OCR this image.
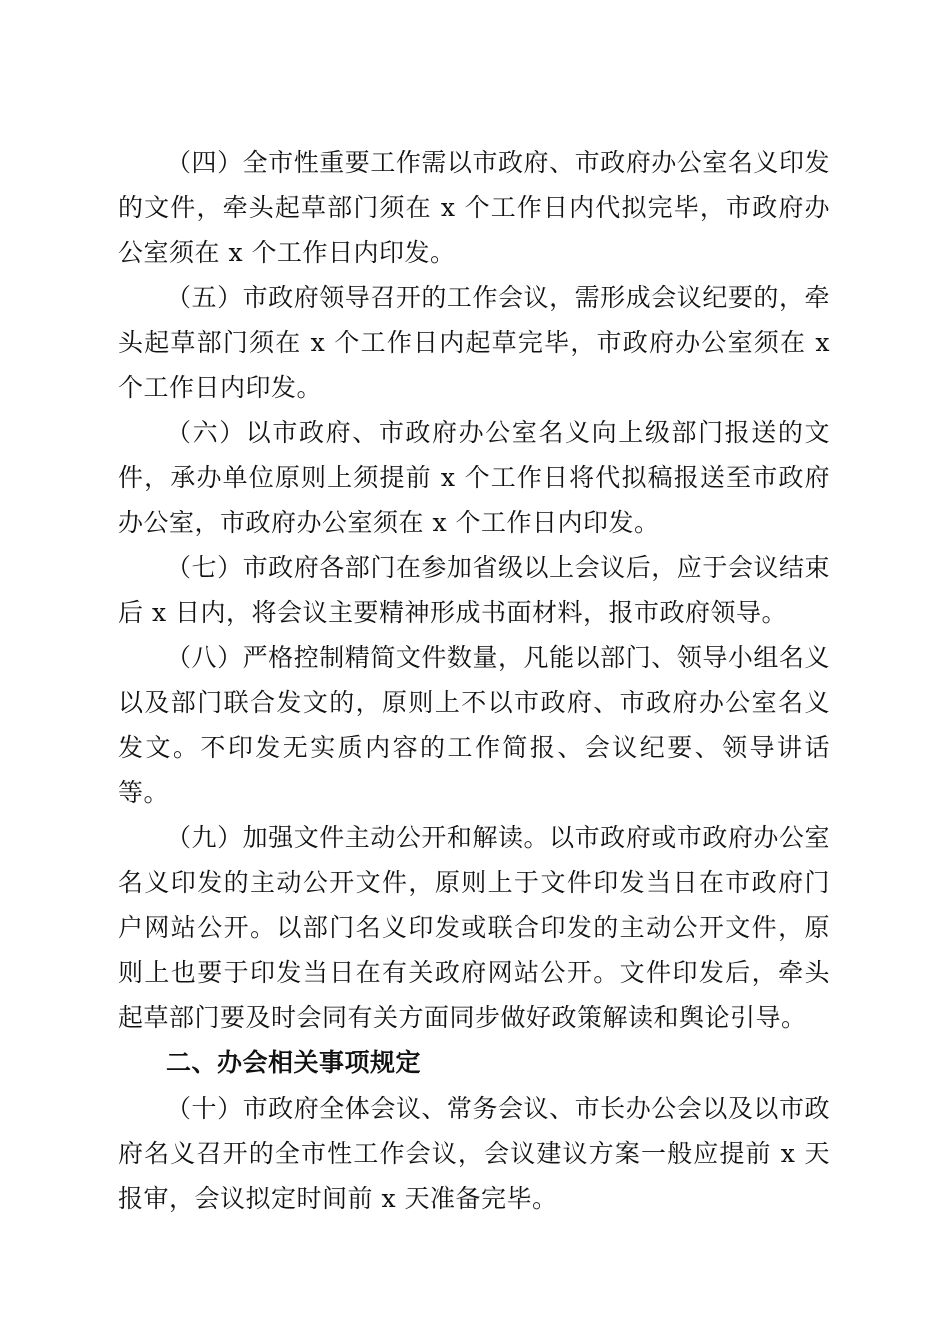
（四）全市性重要工作需以市政府、市政府办公室名义印发的文件，牵头起草部门须在 x 个工作日内代拟完毕，市政府办公室须在 x 个工作日内印发。

（五）市政府领导召开的工作会议，需形成会议纪要的，牵头起草部门须在 x 个工作日内起草完毕，市政府办公室须在 x 个工作日内印发。

（六）以市政府、市政府办公室名义向上级部门报送的文件，承办单位原则上须提前 x 个工作日将代拟稿报送至市政府办公室，市政府办公室须在 x 个工作日内印发。

（七）市政府各部门在参加省级以上会议后，应于会议结束后 x 日内，将会议主要精神形成书面材料，报市政府领导。

（八）严格控制精简文件数量，凡能以部门、领导小组名义以及部门联合发文的，原则上不以市政府、市政府办公室名义发文。不印发无实质内容的工作简报、会议纪要、领导讲话等。

（九）加强文件主动公开和解读。以市政府或市政府办公室名义印发的主动公开文件，原则上于文件印发当日在市政府门户网站公开。以部门名义印发或联合印发的主动公开文件，原则上也要于印发当日在有关政府网站公开。文件印发后，牵头起草部门要及时会同有关方面同步做好政策解读和舆论引导。

二、办会相关事项规定

（十）市政府全体会议、常务会议、市长办公会以及以市政府名义召开的全市性工作会议，会议建议方案一般应提前 x 天报审，会议拟定时间前 x 天准备完毕。
